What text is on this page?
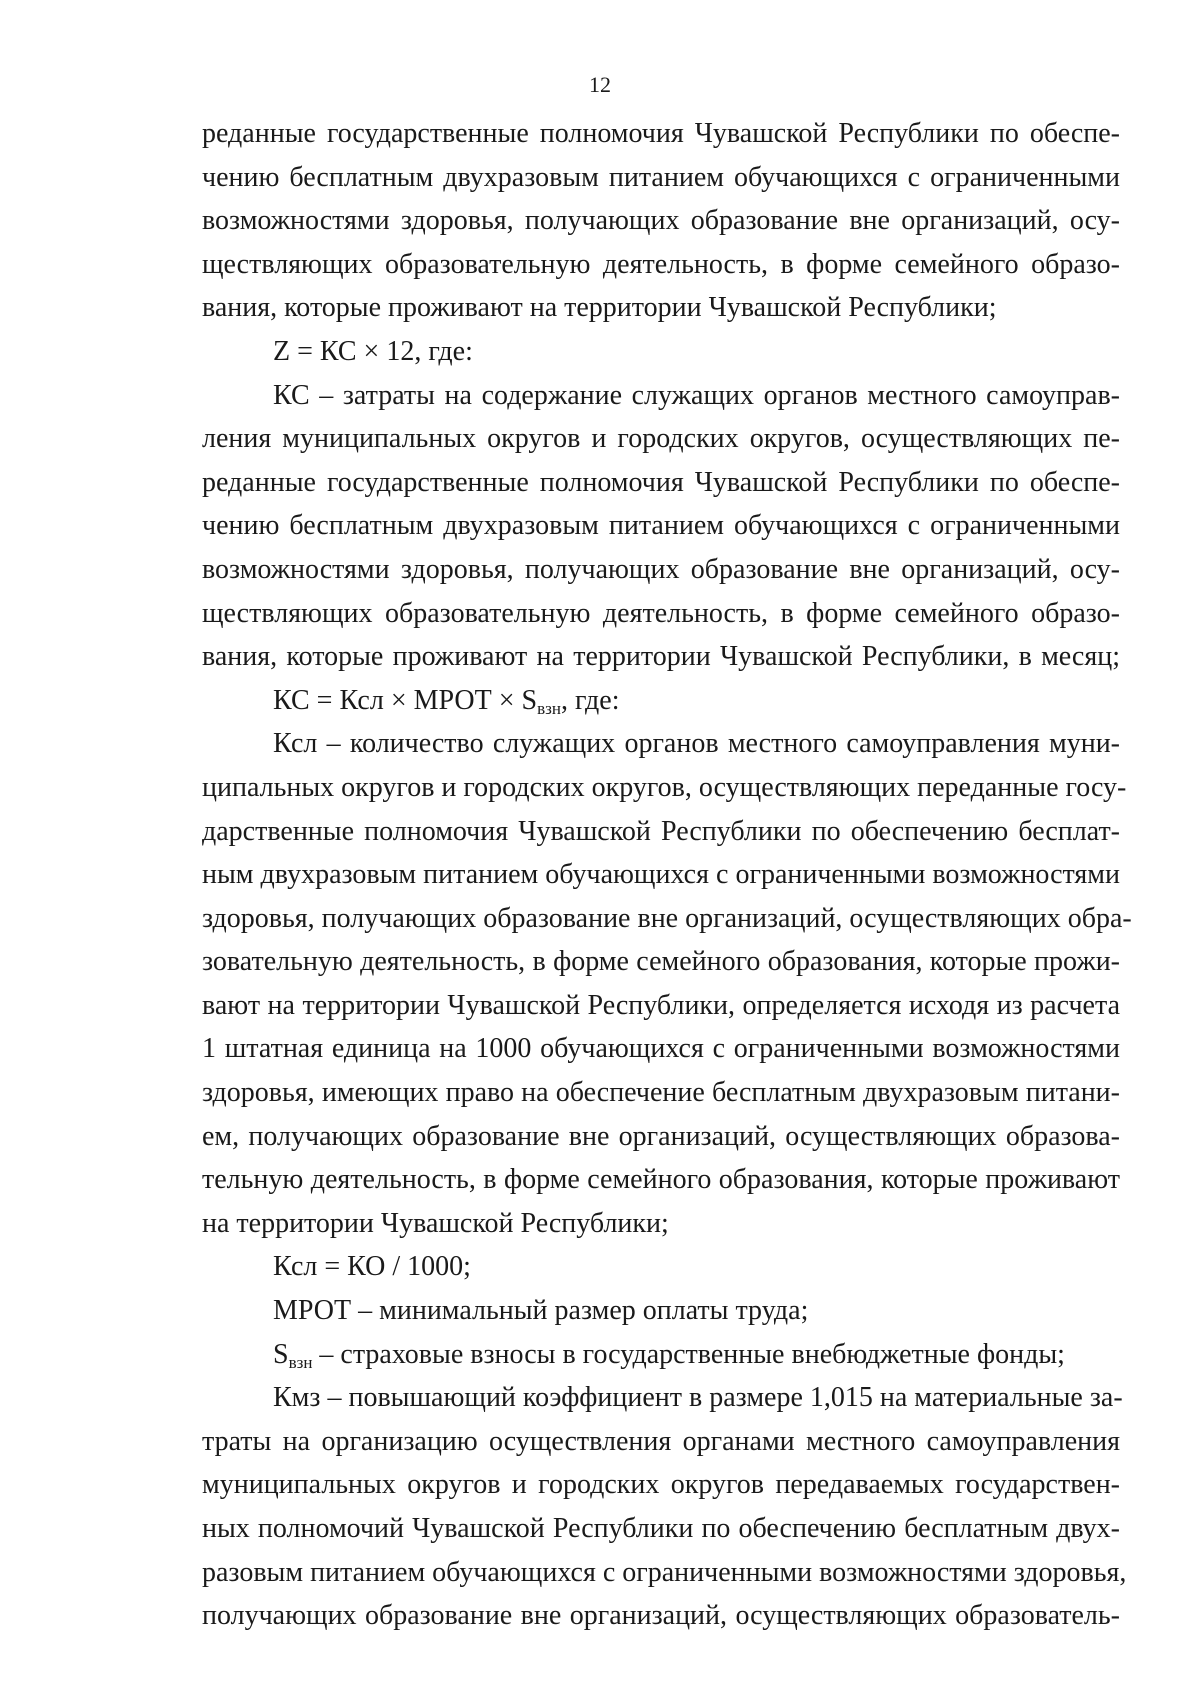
12
реданные государственные полномочия Чувашской Республики по обеспе-
чению бесплатным двухразовым питанием обучающихся с ограниченными
возможностями здоровья, получающих образование вне организаций, осу-
ществляющих образовательную деятельность, в форме семейного образо-
вания, которые проживают на территории Чувашской Республики;
Z = КС × 12, где:
КС – затраты на содержание служащих органов местного самоуправ-
ления муниципальных округов и городских округов, осуществляющих пе-
реданные государственные полномочия Чувашской Республики по обеспе-
чению бесплатным двухразовым питанием обучающихся с ограниченными
возможностями здоровья, получающих образование вне организаций, осу-
ществляющих образовательную деятельность, в форме семейного образо-
вания, которые проживают на территории Чувашской Республики, в месяц;
КС = Ксл × МРОТ × $S_{взн}$, где:
Ксл – количество служащих органов местного самоуправления муни-
ципальных округов и городских округов, осуществляющих переданные госу-
дарственные полномочия Чувашской Республики по обеспечению бесплат-
ным двухразовым питанием обучающихся с ограниченными возможностями
здоровья, получающих образование вне организаций, осуществляющих обра-
зовательную деятельность, в форме семейного образования, которые прожи-
вают на территории Чувашской Республики, определяется исходя из расчета
1 штатная единица на 1000 обучающихся с ограниченными возможностями
здоровья, имеющих право на обеспечение бесплатным двухразовым питани-
ем, получающих образование вне организаций, осуществляющих образова-
тельную деятельность, в форме семейного образования, которые проживают
на территории Чувашской Республики;
Ксл = КО / 1000;
МРОТ – минимальный размер оплаты труда;
$S_{взн}$ – страховые взносы в государственные внебюджетные фонды;
Кмз – повышающий коэффициент в размере 1,015 на материальные за-
траты на организацию осуществления органами местного самоуправления
муниципальных округов и городских округов передаваемых государствен-
ных полномочий Чувашской Республики по обеспечению бесплатным двух-
разовым питанием обучающихся с ограниченными возможностями здоровья,
получающих образование вне организаций, осуществляющих образователь-
